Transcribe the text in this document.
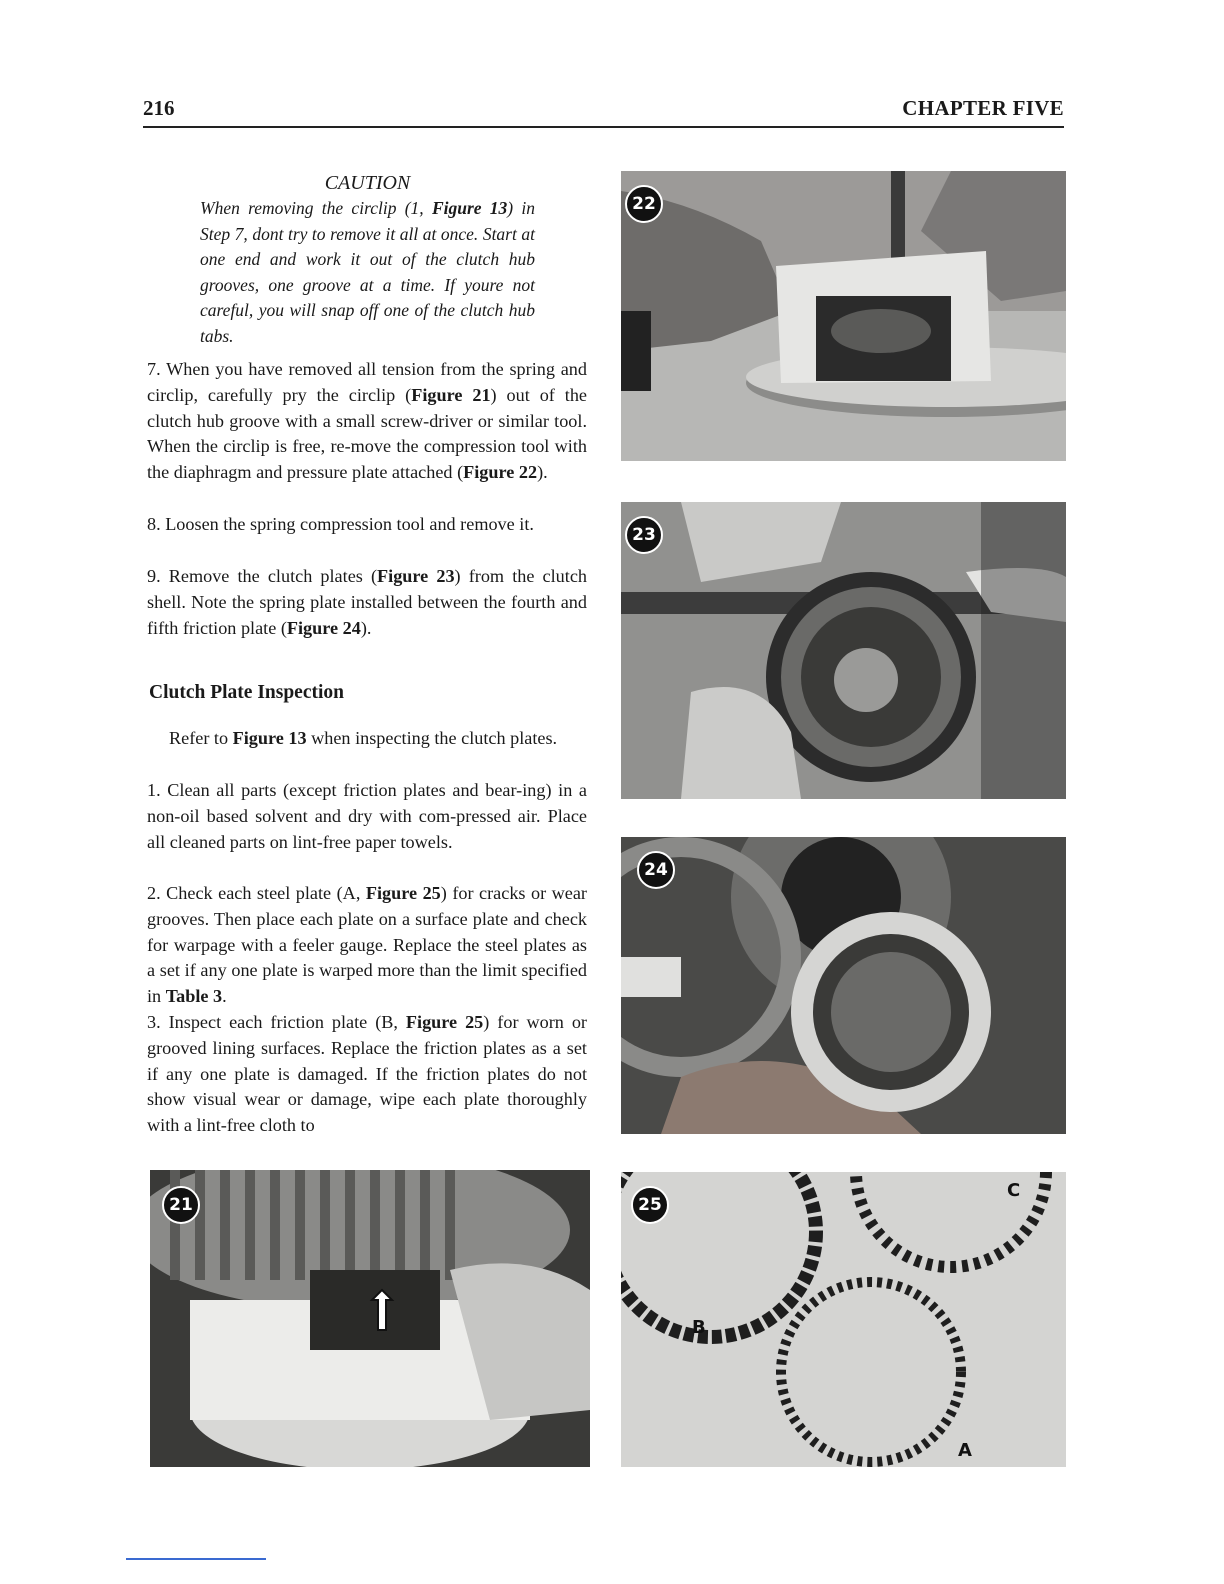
216	CHAPTER FIVE
CAUTION

When removing the circlip (1, Figure 13) in Step 7, dont try to remove it all at once. Start at one end and work it out of the clutch hub grooves, one groove at a time. If youre not careful, you will snap off one of the clutch hub tabs.

7. When you have removed all tension from the spring and circlip, carefully pry the circlip (Figure 21) out of the clutch hub groove with a small screw-driver or similar tool. When the circlip is free, re-move the compression tool with the diaphragm and pressure plate attached (Figure 22).

8. Loosen the spring compression tool and remove it.

9. Remove the clutch plates (Figure 23) from the clutch shell. Note the spring plate installed between the fourth and fifth friction plate (Figure 24).

Clutch Plate Inspection

Refer to Figure 13 when inspecting the clutch plates.

1. Clean all parts (except friction plates and bear-ing) in a non-oil based solvent and dry with com-pressed air. Place all cleaned parts on lint-free paper towels.

2. Check each steel plate (A, Figure 25) for cracks or wear grooves. Then place each plate on a surface plate and check for warpage with a feeler gauge. Replace the steel plates as a set if any one plate is warped more than the limit specified in Table 3.

3. Inspect each friction plate (B, Figure 25) for worn or grooved lining surfaces. Replace the friction plates as a set if any one plate is damaged. If the friction plates do not show visual wear or damage, wipe each plate thoroughly with a lint-free cloth to

22
23
24
21	25
C
B
A
